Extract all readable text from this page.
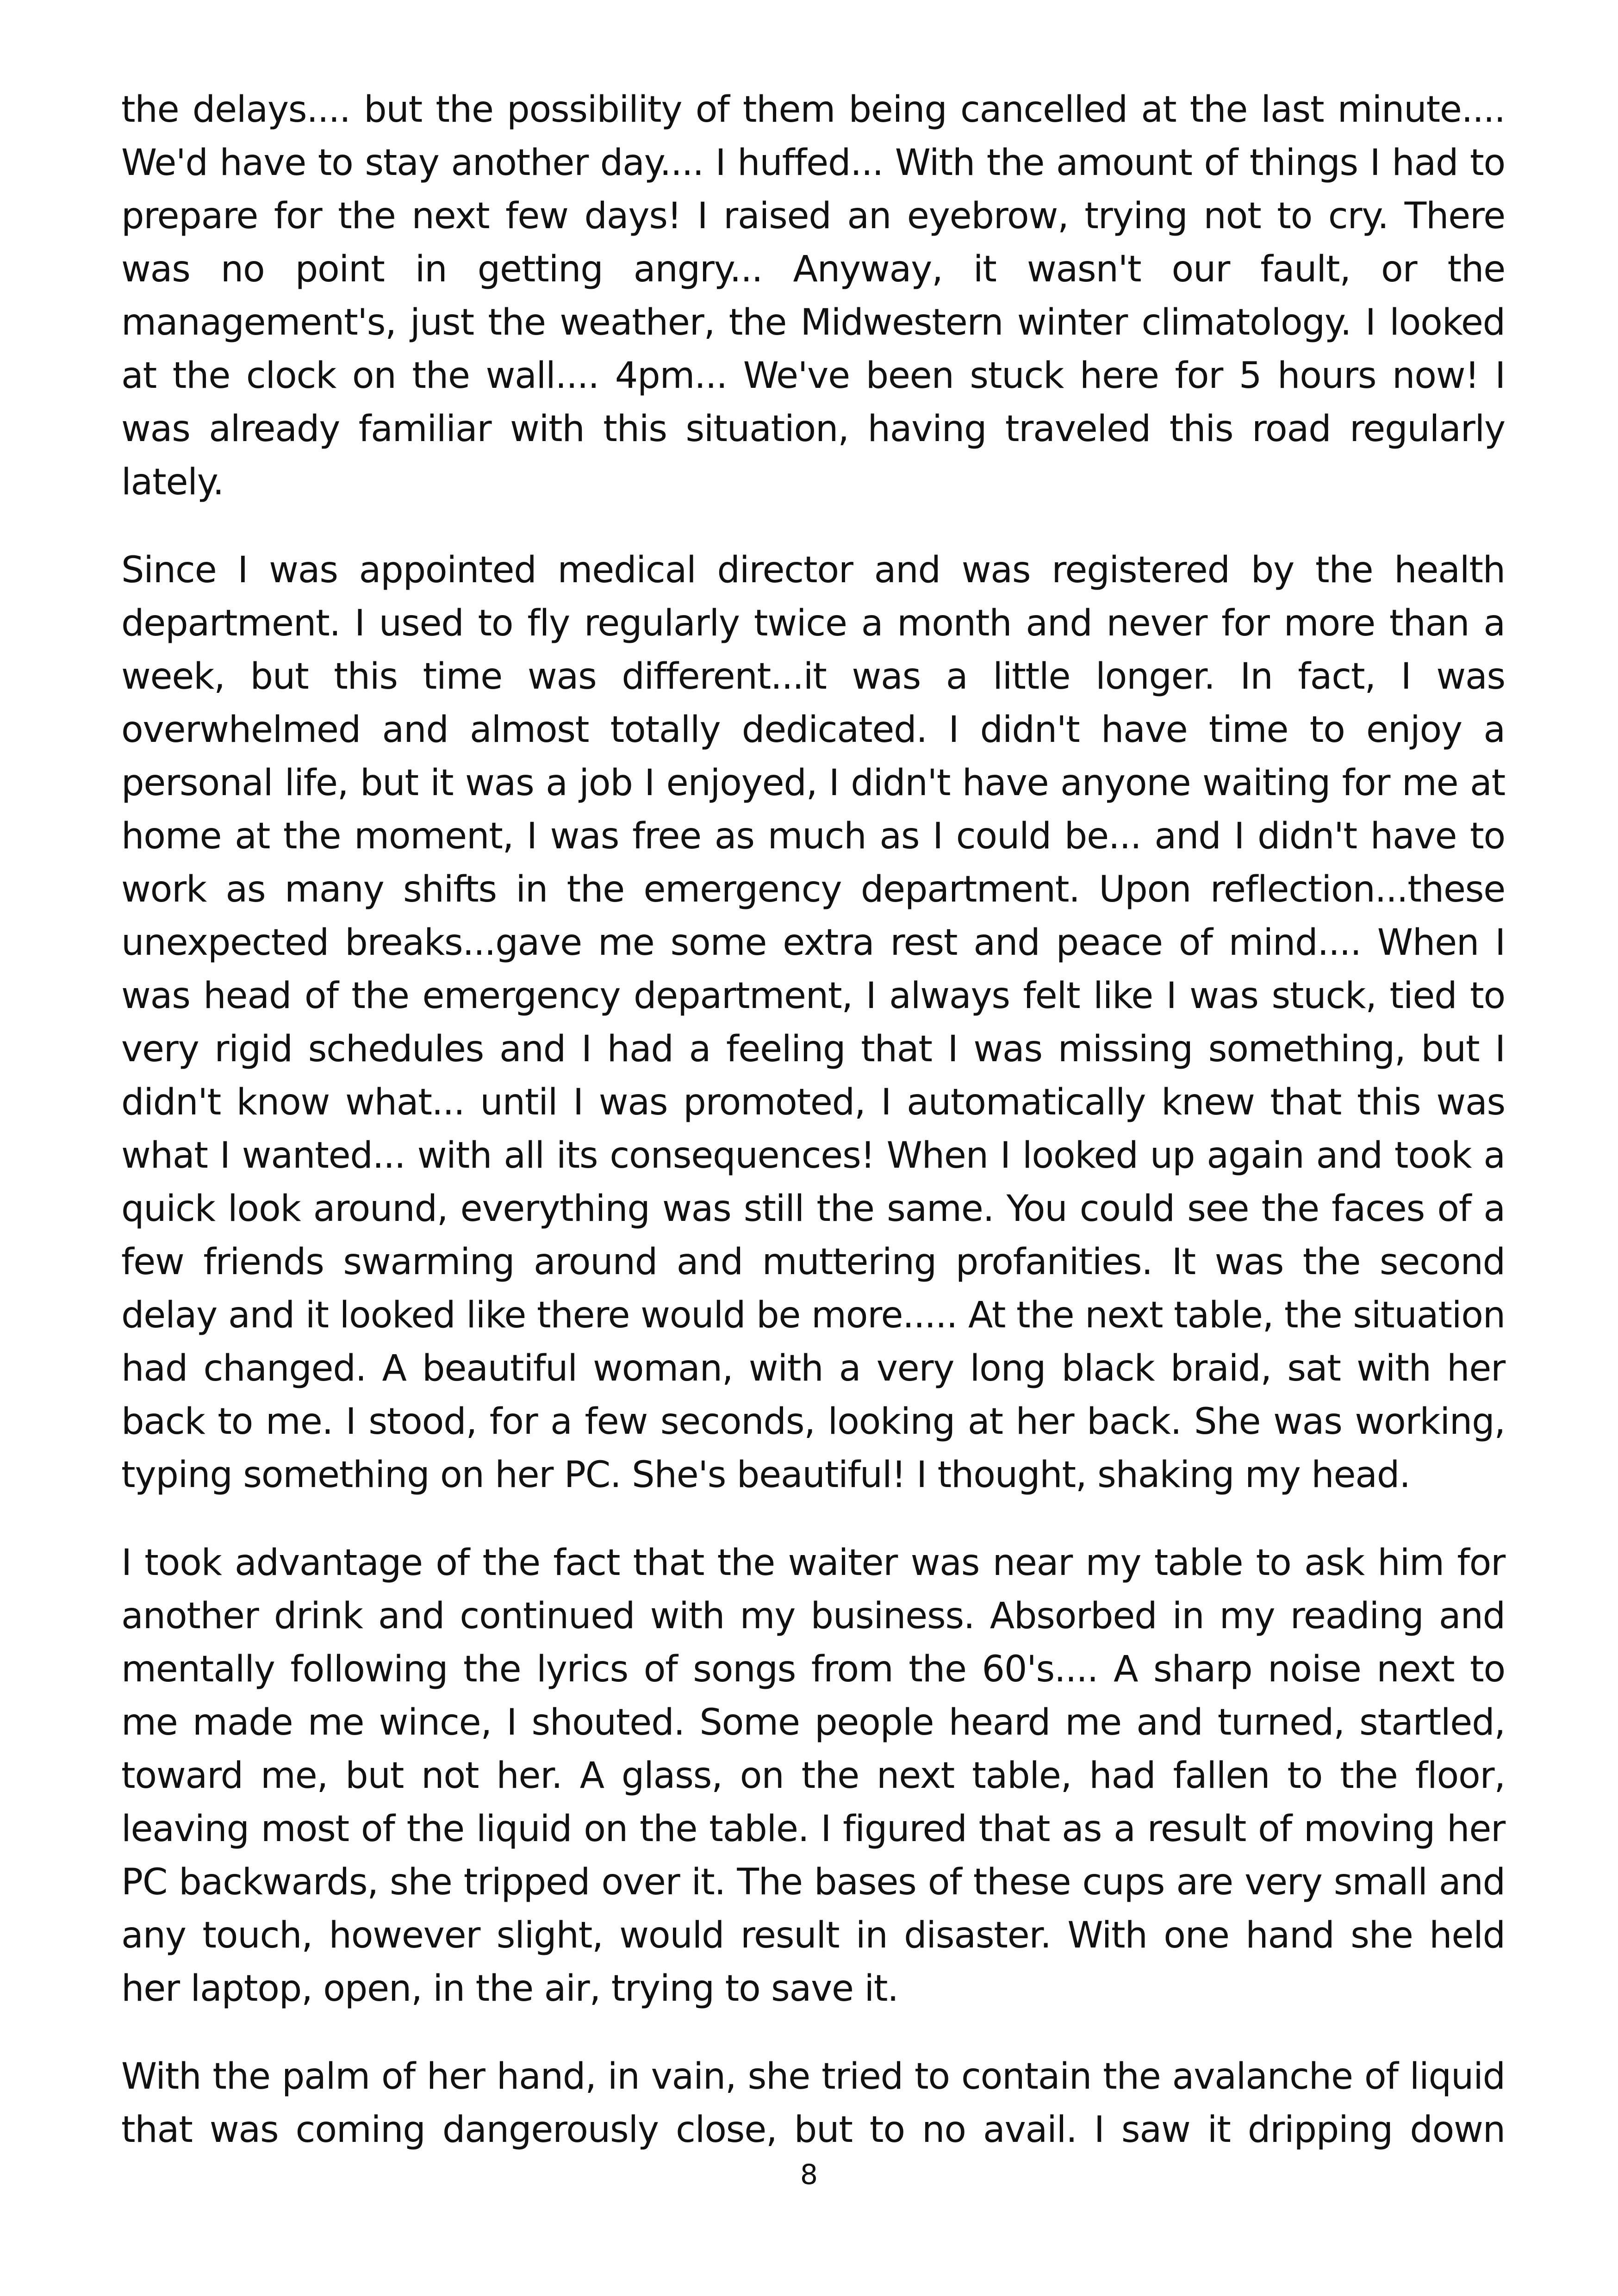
the delays.... but the possibility of them being cancelled at the last minute.... We'd have to stay another day.... I huffed... With the amount of things I had to prepare for the next few days! I raised an eyebrow, trying not to cry. There was no point in getting angry... Anyway, it wasn't our fault, or the management's, just the weather, the Midwestern winter climatology. I looked at the clock on the wall.... 4pm... We've been stuck here for 5 hours now! I was already familiar with this situation, having traveled this road regularly lately.

Since I was appointed medical director and was registered by the health department. I used to fly regularly twice a month and never for more than a week, but this time was different...it was a little longer. In fact, I was overwhelmed and almost totally dedicated. I didn't have time to enjoy a personal life, but it was a job I enjoyed, I didn't have anyone waiting for me at home at the moment, I was free as much as I could be... and I didn't have to work as many shifts in the emergency department. Upon reflection...these unexpected breaks...gave me some extra rest and peace of mind.... When I was head of the emergency department, I always felt like I was stuck, tied to very rigid schedules and I had a feeling that I was missing something, but I didn't know what... until I was promoted, I automatically knew that this was what I wanted... with all its consequences! When I looked up again and took a quick look around, everything was still the same. You could see the faces of a few friends swarming around and muttering profanities. It was the second delay and it looked like there would be more..... At the next table, the situation had changed. A beautiful woman, with a very long black braid, sat with her back to me. I stood, for a few seconds, looking at her back. She was working, typing something on her PC. She's beautiful! I thought, shaking my head.

I took advantage of the fact that the waiter was near my table to ask him for another drink and continued with my business. Absorbed in my reading and mentally following the lyrics of songs from the 60's.... A sharp noise next to me made me wince, I shouted. Some people heard me and turned, startled, toward me, but not her. A glass, on the next table, had fallen to the floor, leaving most of the liquid on the table. I figured that as a result of moving her PC backwards, she tripped over it. The bases of these cups are very small and any touch, however slight, would result in disaster. With one hand she held her laptop, open, in the air, trying to save it.

With the palm of her hand, in vain, she tried to contain the avalanche of liquid that was coming dangerously close, but to no avail. I saw it dripping down

8
